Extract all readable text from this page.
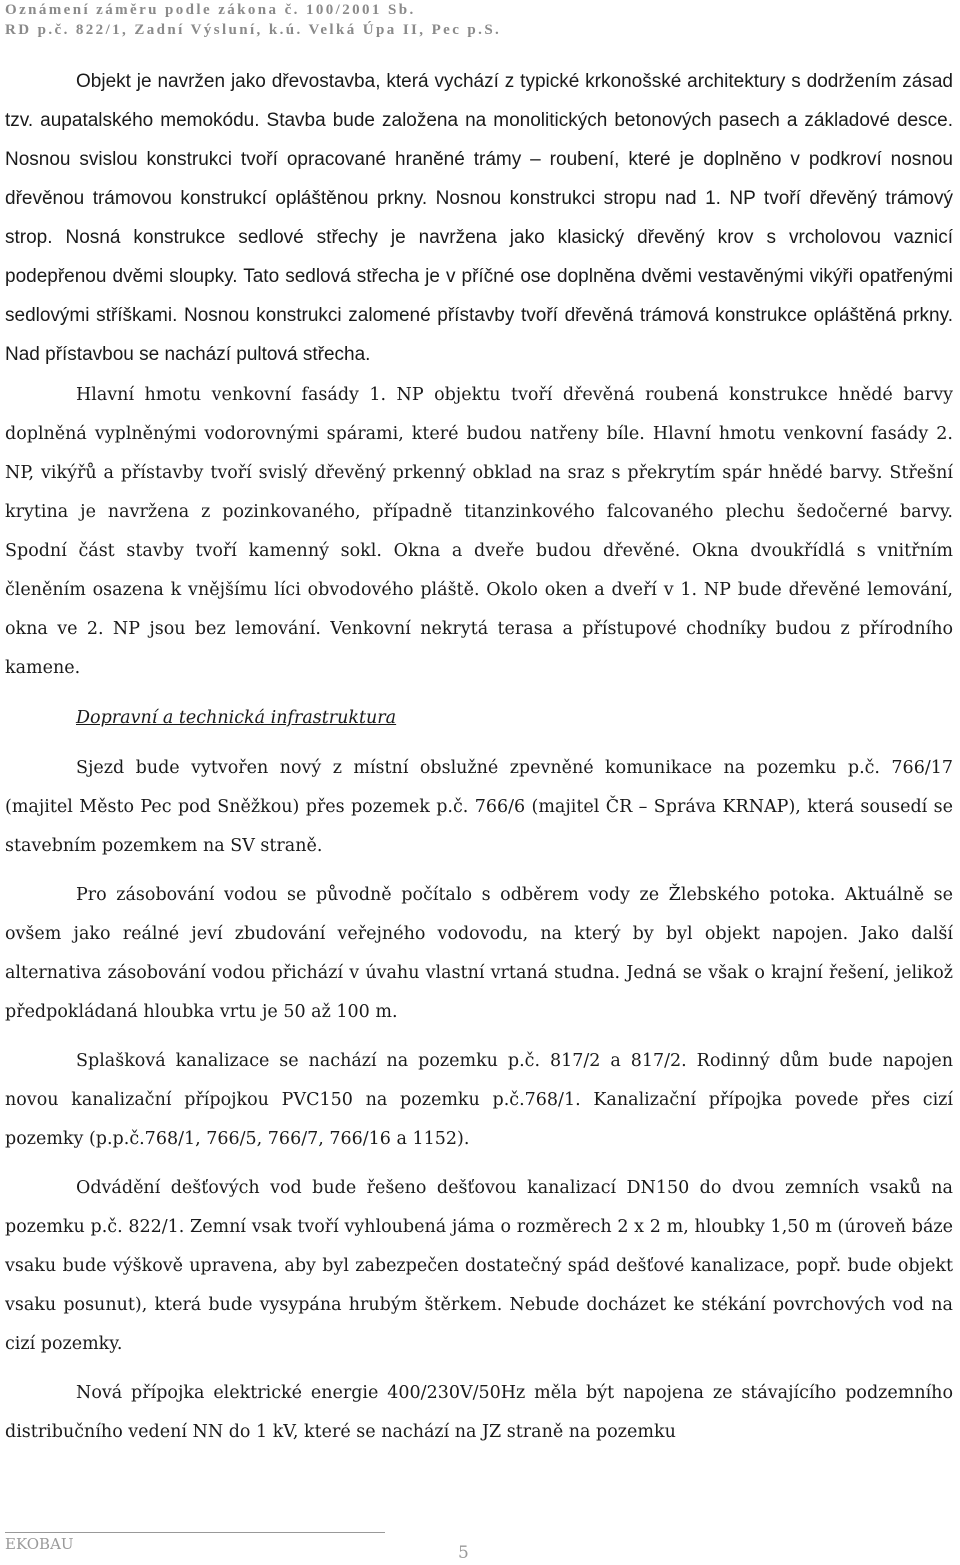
Oznámení záměru podle zákona č. 100/2001 Sb.
RD p.č. 822/1, Zadní Výsluní, k.ú. Velká Úpa II, Pec p.S.

Objekt je navržen jako dřevostavba, která vychází z typické krkonošské architektury s dodržením zásad tzv. aupatalského memokódu. Stavba bude založena na monolitických betonových pasech a základové desce. Nosnou svislou konstrukci tvoří opracované hraněné trámy – roubení, které je doplněno v podkroví nosnou dřevěnou trámovou konstrukcí opláštěnou prkny. Nosnou konstrukci stropu nad 1. NP tvoří dřevěný trámový strop. Nosná konstrukce sedlové střechy je navržena jako klasický dřevěný krov s vrcholovou vaznicí podepřenou dvěmi sloupky. Tato sedlová střecha je v příčné ose doplněna dvěmi vestavěnými vikýři opatřenými sedlovými stříškami. Nosnou konstrukci zalomené přístavby tvoří dřevěná trámová konstrukce opláštěná prkny. Nad přístavbou se nachází pultová střecha.

Hlavní hmotu venkovní fasády 1. NP objektu tvoří dřevěná roubená konstrukce hnědé barvy doplněná vyplněnými vodorovnými spárami, které budou natřeny bíle. Hlavní hmotu venkovní fasády 2. NP, vikýřů a přístavby tvoří svislý dřevěný prkenný obklad na sraz s překrytím spár hnědé barvy. Střešní krytina je navržena z pozinkovaného, případně titanzinkového falcovaného plechu šedočerné barvy. Spodní část stavby tvoří kamenný sokl. Okna a dveře budou dřevěné. Okna dvoukřídlá s vnitřním členěním osazena k vnějšímu líci obvodového pláště. Okolo oken a dveří v 1. NP bude dřevěné lemování, okna ve 2. NP jsou bez lemování. Venkovní nekrytá terasa a přístupové chodníky budou z přírodního kamene.

Dopravní a technická infrastruktura

Sjezd bude vytvořen nový z místní obslužné zpevněné komunikace na pozemku p.č. 766/17 (majitel Město Pec pod Sněžkou) přes pozemek p.č. 766/6 (majitel ČR – Správa KRNAP), která sousedí se stavebním pozemkem na SV straně.

Pro zásobování vodou se původně počítalo s odběrem vody ze Žlebského potoka. Aktuálně se ovšem jako reálné jeví zbudování veřejného vodovodu, na který by byl objekt napojen. Jako další alternativa zásobování vodou přichází v úvahu vlastní vrtaná studna. Jedná se však o krajní řešení, jelikož předpokládaná hloubka vrtu je 50 až 100 m.

Splašková kanalizace se nachází na pozemku p.č. 817/2 a 817/2. Rodinný dům bude napojen novou kanalizační přípojkou PVC150 na pozemku p.č.768/1. Kanalizační přípojka povede přes cizí pozemky (p.p.č.768/1, 766/5, 766/7, 766/16 a 1152).

Odvádění dešťových vod bude řešeno dešťovou kanalizací DN150 do dvou zemních vsaků na pozemku p.č. 822/1. Zemní vsak tvoří vyhloubená jáma o rozměrech 2 x 2 m, hloubky 1,50 m (úroveň báze vsaku bude výškově upravena, aby byl zabezpečen dostatečný spád dešťové kanalizace, popř. bude objekt vsaku posunut), která bude vysypána hrubým štěrkem. Nebude docházet ke stékání povrchových vod na cizí pozemky.

Nová přípojka elektrické energie 400/230V/50Hz měla být napojena ze stávajícího podzemního distribučního vedení NN do 1 kV, které se nachází na JZ straně na pozemku

EKOBAU	5
